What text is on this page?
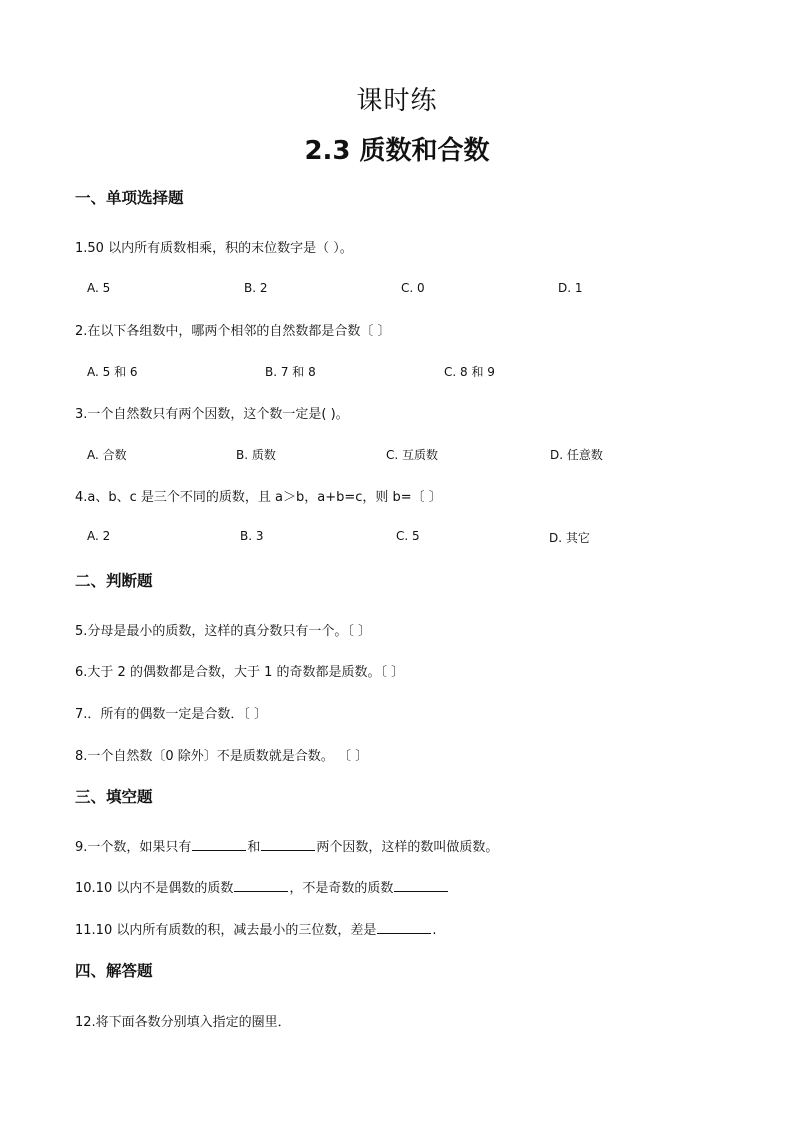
课时练
2.3 质数和合数
一、单项选择题
1.50 以内所有质数相乘，积的末位数字是（ ）。
A. 5	B. 2	C. 0	D. 1
2.在以下各组数中，哪两个相邻的自然数都是合数〔 〕
A. 5 和 6	B. 7 和 8	C. 8 和 9
3.一个自然数只有两个因数，这个数一定是( )。
A. 合数	B. 质数	C. 互质数	D. 任意数
4.a、b、c 是三个不同的质数，且 a＞b，a+b=c，则 b=〔 〕
A. 2	B. 3	C. 5	D. 其它
二、判断题
5.分母是最小的质数，这样的真分数只有一个。〔 〕
6.大于 2 的偶数都是合数，大于 1 的奇数都是质数。〔 〕
7.．所有的偶数一定是合数．〔 〕
8.一个自然数〔0 除外〕不是质数就是合数。 〔 〕
三、填空题
9.一个数，如果只有	和	两个因数，这样的数叫做质数。
10.10 以内不是偶数的质数	，不是奇数的质数
11.10 以内所有质数的积，减去最小的三位数，差是	.
四、解答题
12.将下面各数分别填入指定的圈里．
